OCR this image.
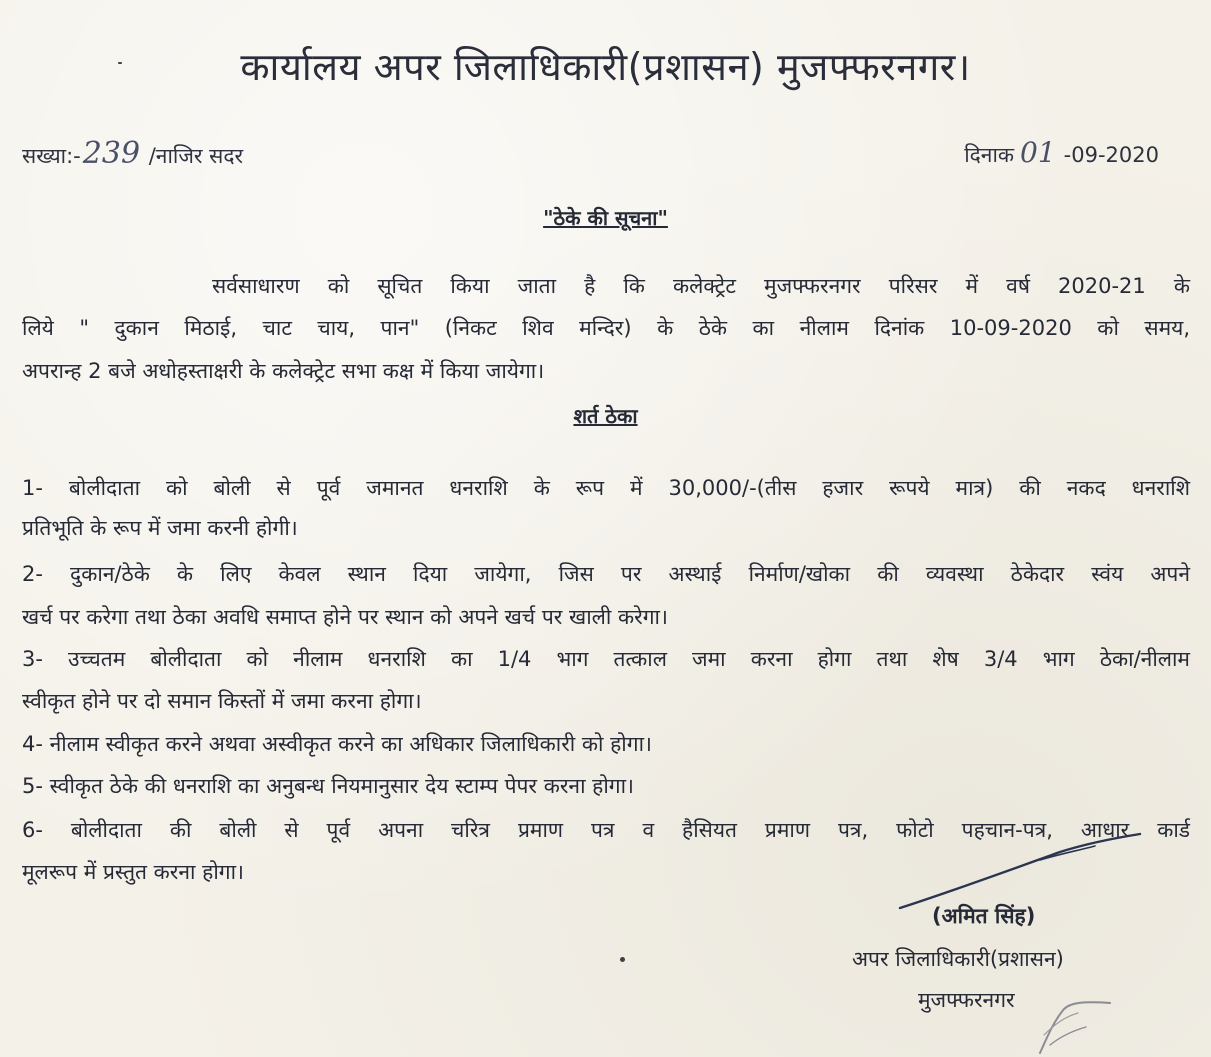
कार्यालय अपर जिलाधिकारी(प्रशासन) मुजफ्फरनगर।
सख्या:-239 /नाजिर सदर	दिनाक 01 -09-2020
"ठेके की सूचना"
सर्वसाधारण को सूचित किया जाता है कि कलेक्ट्रेट मुजफ्फरनगर परिसर में वर्ष 2020-21 के
लिये " दुकान मिठाई, चाट चाय, पान" (निकट शिव मन्दिर) के ठेके का नीलाम दिनांक 10-09-2020 को समय,
अपरान्ह 2 बजे अधोहस्ताक्षरी के कलेक्ट्रेट सभा कक्ष में किया जायेगा।
शर्त ठेका
1- बोलीदाता को बोली से पूर्व जमानत धनराशि के रूप में 30,000/-(तीस हजार रूपये मात्र) की नकद धनराशि
प्रतिभूति के रूप में जमा करनी होगी।
2- दुकान/ठेके के लिए केवल स्थान दिया जायेगा, जिस पर अस्थाई निर्माण/खोका की व्यवस्था ठेकेदार स्वंय अपने
खर्च पर करेगा तथा ठेका अवधि समाप्त होने पर स्थान को अपने खर्च पर खाली करेगा।
3- उच्चतम बोलीदाता को नीलाम धनराशि का 1/4 भाग तत्काल जमा करना होगा तथा शेष 3/4 भाग ठेका/नीलाम
स्वीकृत होने पर दो समान किस्तों में जमा करना होगा।
4- नीलाम स्वीकृत करने अथवा अस्वीकृत करने का अधिकार जिलाधिकारी को होगा।
5- स्वीकृत ठेके की धनराशि का अनुबन्ध नियमानुसार देय स्टाम्प पेपर करना होगा।
6- बोलीदाता की बोली से पूर्व अपना चरित्र प्रमाण पत्र व हैसियत प्रमाण पत्र, फोटो पहचान-पत्र, आधार कार्ड
मूलरूप में प्रस्तुत करना होगा।
(अमित सिंह)
अपर जिलाधिकारी(प्रशासन)
मुजफ्फरनगर
